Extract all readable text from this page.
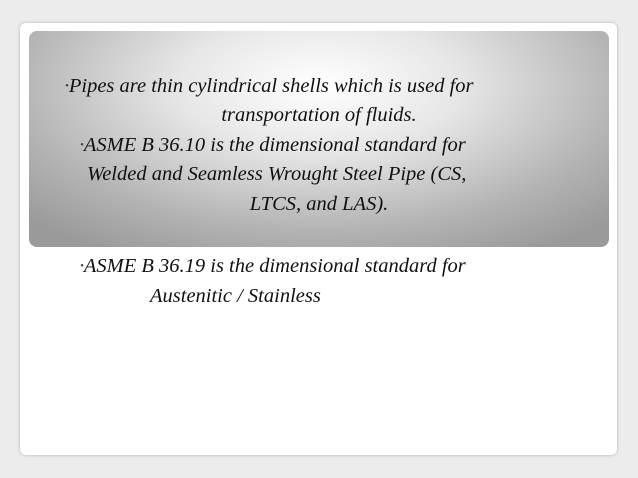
•Pipes are thin cylindrical shells which is used for

transportation of fluids.

•ASME B 36.10 is the dimensional standard for

Welded and Seamless Wrought Steel Pipe (CS,

LTCS, and LAS).

•ASME B 36.19 is the dimensional standard for

Austenitic / Stainless
